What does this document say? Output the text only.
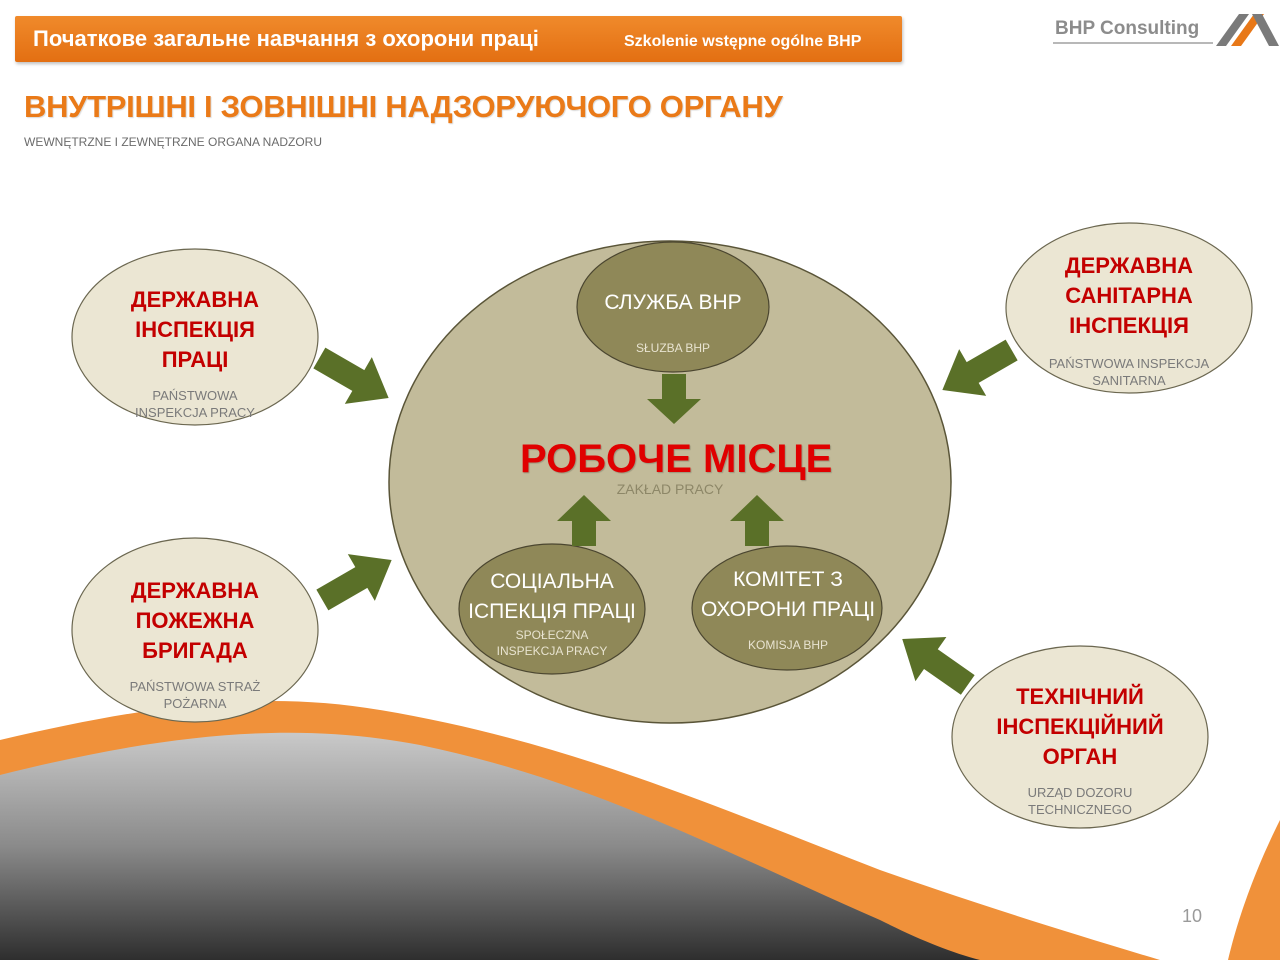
Початкове загальне навчання з охорони праці	Szkolenie wstępne ogólne BHP
BHP Consulting
ВНУТРІШНІ І ЗОВНІШНІ НАДЗОРУЮЧОГО ОРГАНУ
WEWNĘTRZNE I ZEWNĘTRZNE ORGANA NADZORU
РОБОЧЕ МІСЦЕ
ZAKŁAD PRACY
СЛУЖБА ВНР
SŁUZBA BHP
СОЦІАЛЬНА
ІСПЕКЦІЯ ПРАЦІ
SPOŁECZNA
INSPEKCJA PRACY
КОМІТЕТ З
ОХОРОНИ ПРАЦІ
KOMISJA BHP
ДЕРЖАВНА
ІНСПЕКЦІЯ
ПРАЦІ
PAŃSTWOWA
INSPEKCJA PRACY
ДЕРЖАВНА
ПОЖЕЖНА
БРИГАДА
PAŃSTWOWA STRAŻ
POŻARNA
ДЕРЖАВНА
САНІТАРНА
ІНСПЕКЦІЯ
PAŃSTWOWA INSPEKCJA
SANITARNA
ТЕХНІЧНИЙ
ІНСПЕКЦІЙНИЙ
ОРГАН
URZĄD DOZORU
TECHNICZNEGO
10
